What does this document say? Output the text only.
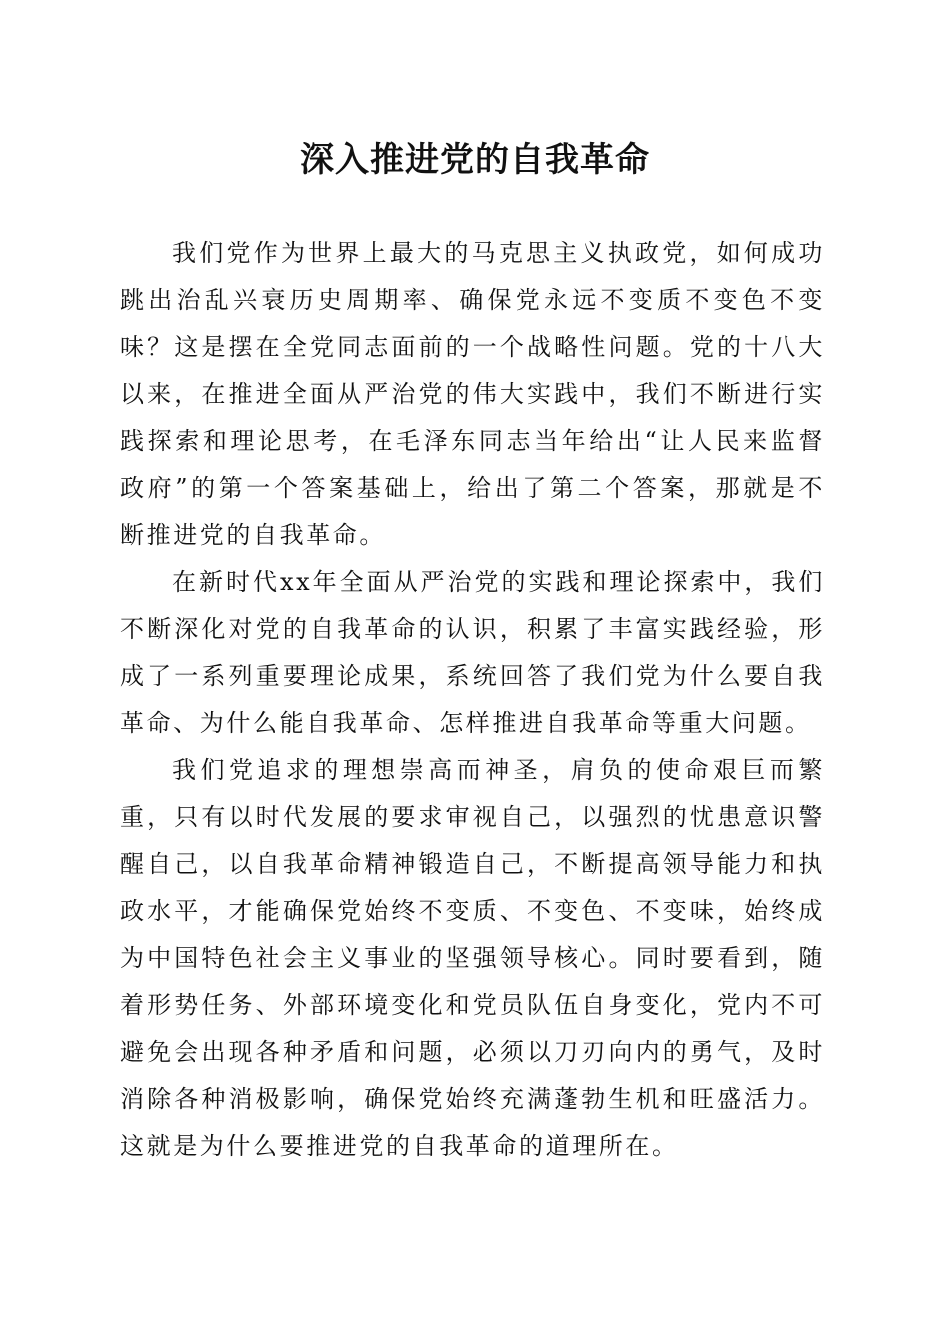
深入推进党的自我革命

我们党作为世界上最大的马克思主义执政党，如何成功跳出治乱兴衰历史周期率、确保党永远不变质不变色不变味？这是摆在全党同志面前的一个战略性问题。党的十八大以来，在推进全面从严治党的伟大实践中，我们不断进行实践探索和理论思考，在毛泽东同志当年给出“让人民来监督政府”的第一个答案基础上，给出了第二个答案，那就是不断推进党的自我革命。

在新时代xx年全面从严治党的实践和理论探索中，我们不断深化对党的自我革命的认识，积累了丰富实践经验，形成了一系列重要理论成果，系统回答了我们党为什么要自我革命、为什么能自我革命、怎样推进自我革命等重大问题。

我们党追求的理想崇高而神圣，肩负的使命艰巨而繁重，只有以时代发展的要求审视自己，以强烈的忧患意识警醒自己，以自我革命精神锻造自己，不断提高领导能力和执政水平，才能确保党始终不变质、不变色、不变味，始终成为中国特色社会主义事业的坚强领导核心。同时要看到，随着形势任务、外部环境变化和党员队伍自身变化，党内不可避免会出现各种矛盾和问题，必须以刀刃向内的勇气，及时消除各种消极影响，确保党始终充满蓬勃生机和旺盛活力。这就是为什么要推进党的自我革命的道理所在。
